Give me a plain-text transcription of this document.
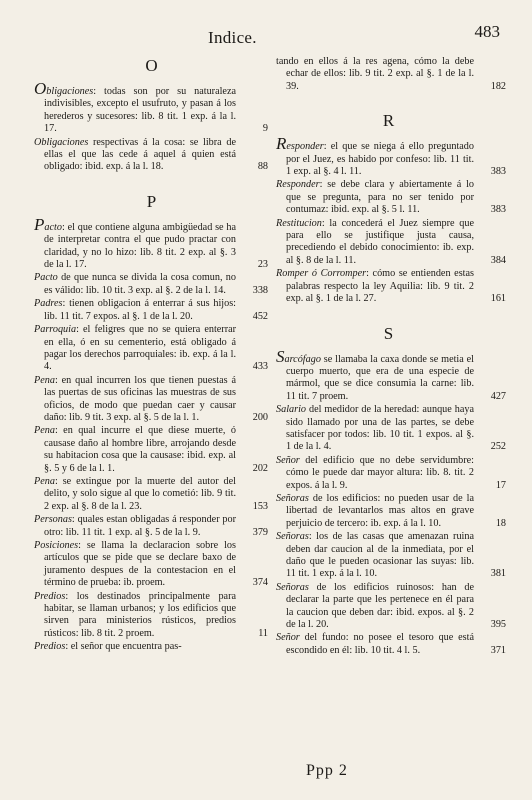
Indice.	483
O
Obligaciones: todas son por su naturaleza indivisibles, excepto el usufruto, y pasan á los herederos y sucesores: lib. 8 tit. 1 exp. á la l. 17.	9
Obligaciones respectivas á la cosa: se libra de ellas el que las cede á aquel á quien está obligado: ibid. exp. á la l. 18.	88
P
Pacto: el que contiene alguna ambigüedad se ha de interpretar contra el que pudo practar con claridad, y no lo hizo: lib. 8 tit. 2 exp. al §. 3 de la l. 17.	23
Pacto de que nunca se divida la cosa comun, no es válido: lib. 10 tit. 3 exp. al §. 2 de la l. 14.	338
Padres: tienen obligacion á enterrar á sus hijos: lib. 11 tit. 7 expos. al §. 1 de la l. 20.	452
Parroquia: el feligres que no se quiera enterrar en ella, ó en su cementerio, está obligado á pagar los derechos parroquiales: ib. exp. á la l. 4.	433
Pena: en qual incurren los que tienen puestas á las puertas de sus oficinas las muestras de sus oficios, de modo que puedan caer y causar daño: lib. 9 tit. 3 exp. al §. 5 de la l. 1.	200
Pena: en qual incurre el que diese muerte, ó causase daño al hombre libre, arrojando desde su habitacion cosa que la causase: ibid. exp. al §. 5 y 6 de la l. 1.	202
Pena: se extingue por la muerte del autor del delito, y solo sigue al que lo cometió: lib. 9 tit. 2 exp. al §. 8 de la l. 23.	153
Personas: quales estan obligadas á responder por otro: lib. 11 tit. 1 exp. al §. 5 de la l. 9.	379
Posiciones: se llama la declaracion sobre los artículos que se pide que se declare baxo de juramento despues de la contestacion en el término de prueba: ib. proem.	374
Predios: los destinados principalmente para habitar, se llaman urbanos; y los edificios que sirven para ministerios rústicos, predios rústicos: lib. 8 tit. 2 proem.	11
Predios: el señor que encuentra pas-
tando en ellos á la res agena, cómo la debe echar de ellos: lib. 9 tit. 2 exp. al §. 1 de la l. 39.	182
R
Responder: el que se niega á ello preguntado por el Juez, es habido por confeso: lib. 11 tit. 1 exp. al §. 4 l. 11.	383
Responder: se debe clara y abiertamente á lo que se pregunta, para no ser tenido por contumaz: ibid. exp. al §. 5 l. 11.	383
Restitucion: la concederá el Juez siempre que para ello se justifique justa causa, precediendo el debido conocimiento: ib. exp. al §. 8 de la l. 11.	384
Romper ó Corromper: cómo se entienden estas palabras respecto la ley Aquilia: lib. 9 tit. 2 exp. al §. 1 de la l. 27.	161
S
Sarcófago se llamaba la caxa donde se metia el cuerpo muerto, que era de una especie de mármol, que se dice consumia la carne: lib. 11 tit. 7 proem.	427
Salario del medidor de la heredad: aunque haya sido llamado por una de las partes, se debe satisfacer por todos: lib. 10 tit. 1 expos. al §. 1 de la l. 4.	252
Señor del edificio que no debe servidumbre: cómo le puede dar mayor altura: lib. 8. tit. 2 expos. á la l. 9.	17
Señoras de los edificios: no pueden usar de la libertad de levantarlos mas altos en grave perjuicio de tercero: ib. exp. á la l. 10.	18
Señoras: los de las casas que amenazan ruina deben dar caucion al de la inmediata, por el daño que le pueden ocasionar las suyas: lib. 11 tit. 1 exp. á la l. 10.	381
Señoras de los edificios ruinosos: han de declarar la parte que les pertenece en él para la caucion que deben dar: ibid. expos. al §. 2 de la l. 20.	395
Señor del fundo: no posee el tesoro que está escondido en él: lib. 10 tit. 4 l. 5.	371
Ppp 2
